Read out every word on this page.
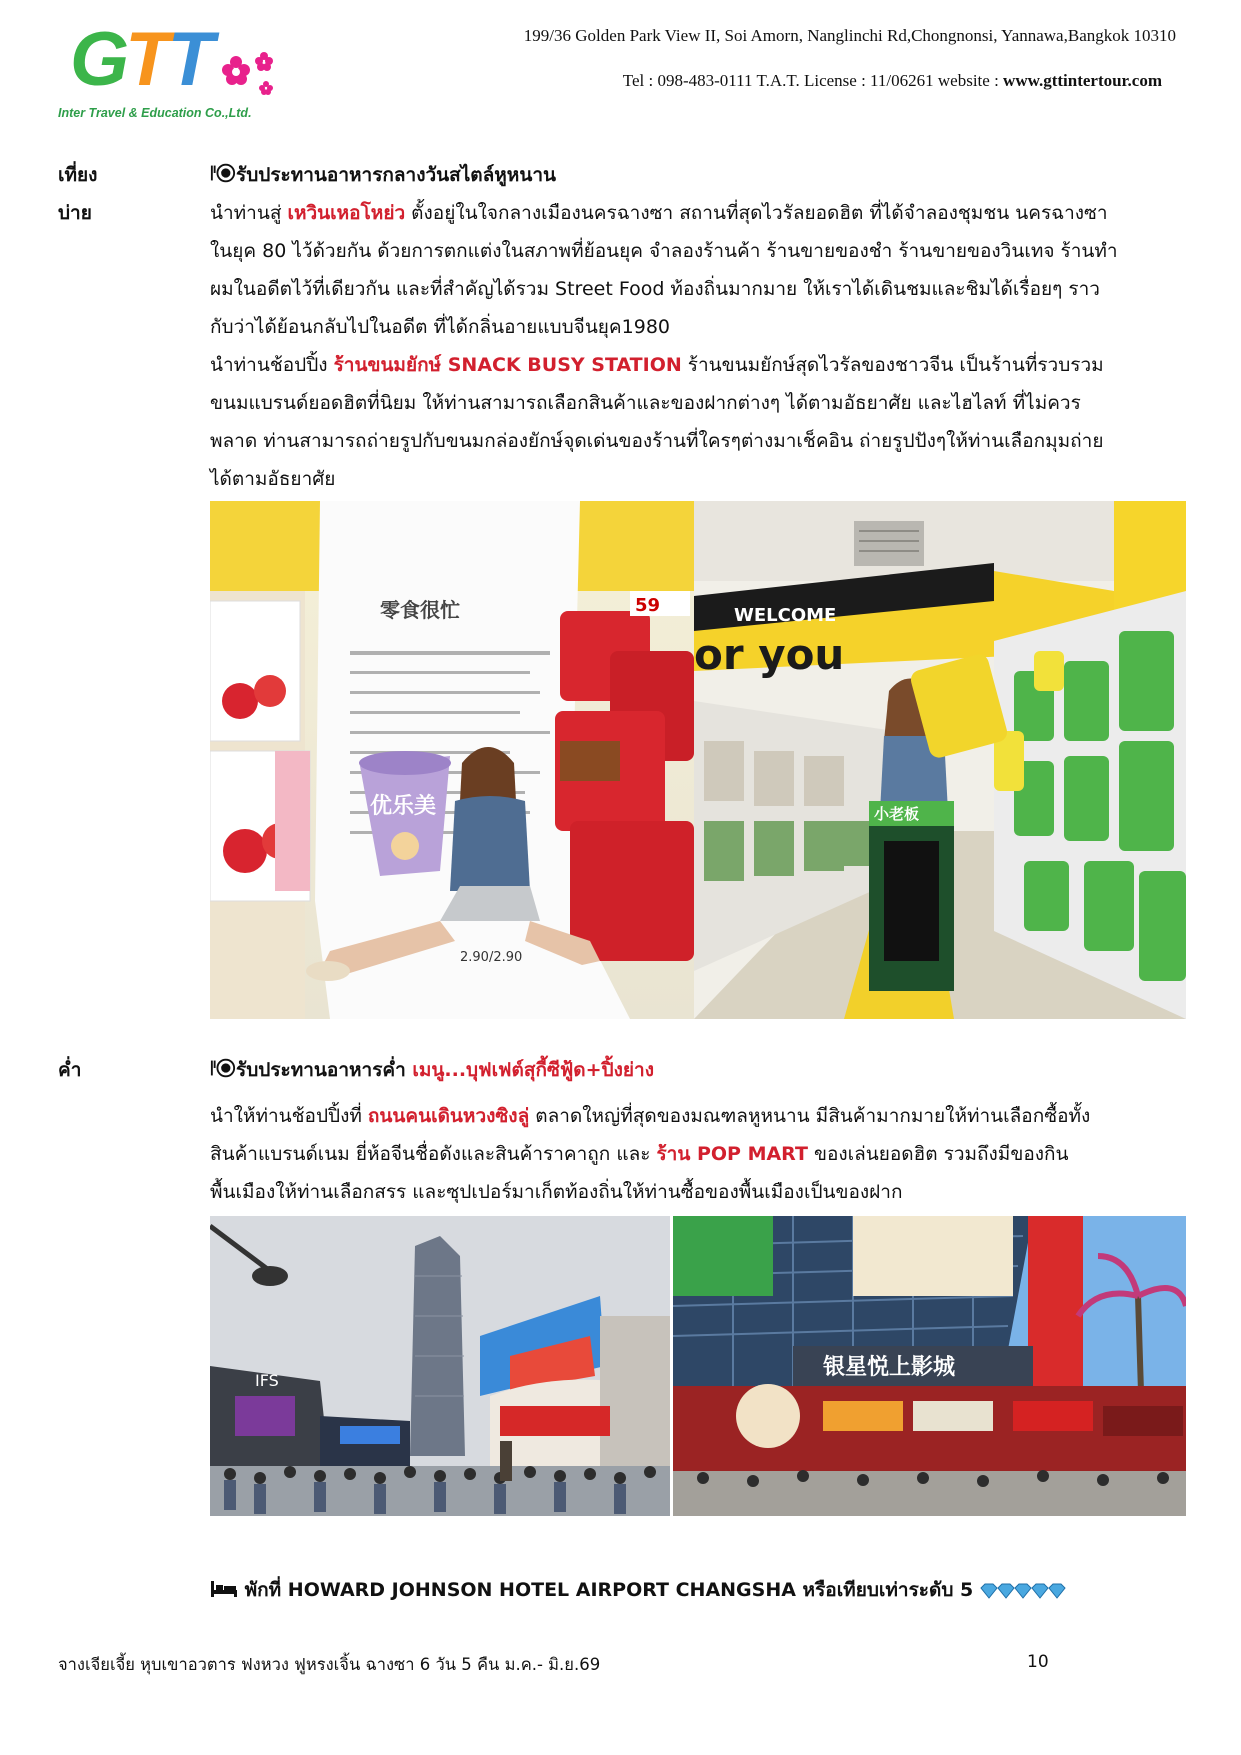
GTT
Inter Travel & Education Co.,Ltd.
199/36 Golden Park View II, Soi Amorn, Nanglinchi Rd,Chongnonsi, Yannawa,Bangkok 10310
Tel : 098-483-0111 T.A.T. License : 11/06261 website : www.gttintertour.com
เที่ยง
บ่าย
รับประทานอาหารกลางวันสไตล์หูหนาน
นำท่านสู่ เหวินเหอโหย่ว ตั้งอยู่ในใจกลางเมืองนครฉางซา สถานที่สุดไวรัลยอดฮิต ที่ได้จำลองชุมชน นครฉางซา
ในยุค 80 ไว้ด้วยกัน ด้วยการตกแต่งในสภาพที่ย้อนยุค จำลองร้านค้า ร้านขายของชำ ร้านขายของวินเทจ ร้านทำ
ผมในอดีตไว้ที่เดียวกัน และที่สำคัญได้รวม Street Food ท้องถิ่นมากมาย ให้เราได้เดินชมและชิมได้เรื่อยๆ ราว
กับว่าได้ย้อนกลับไปในอดีต ที่ได้กลิ่นอายแบบจีนยุค1980
นำท่านช้อปปิ้ง ร้านขนมยักษ์ SNACK BUSY STATION ร้านขนมยักษ์สุดไวรัลของชาวจีน เป็นร้านที่รวบรวม
ขนมแบรนด์ยอดฮิตที่นิยม ให้ท่านสามารถเลือกสินค้าและของฝากต่างๆ ได้ตามอัธยาศัย และไฮไลท์ ที่ไม่ควร
พลาด ท่านสามารถถ่ายรูปกับขนมกล่องยักษ์จุดเด่นของร้านที่ใครๆต่างมาเช็คอิน ถ่ายรูปปังๆให้ท่านเลือกมุมถ่าย
ได้ตามอัธยาศัย
零食很忙
2.90/2.90
59
优乐美
WELCOME
or you
小老板
ค่ำ	รับประทานอาหารค่ำ เมนู...บุฟเฟต์สุกี้ซีฟู้ด+ปิ้งย่าง
นำให้ท่านช้อปปิ้งที่ ถนนคนเดินหวงซิงลู่ ตลาดใหญ่ที่สุดของมณฑลหูหนาน มีสินค้ามากมายให้ท่านเลือกซื้อทั้ง
สินค้าแบรนด์เนม ยี่ห้อจีนชื่อดังและสินค้าราคาถูก และ ร้าน POP MART ของเล่นยอดฮิต รวมถึงมีของกิน
พื้นเมืองให้ท่านเลือกสรร และซุปเปอร์มาเก็ตท้องถิ่นให้ท่านซื้อของพื้นเมืองเป็นของฝาก
IFS
银星悦上影城
พักที่ HOWARD JOHNSON HOTEL AIRPORT CHANGSHA หรือเทียบเท่าระดับ 5
จางเจียเจี้ย หุบเขาอวตาร ฟงหวง ฟูหรงเจิ้น ฉางซา 6 วัน 5 คืน ม.ค.- มิ.ย.69	10
